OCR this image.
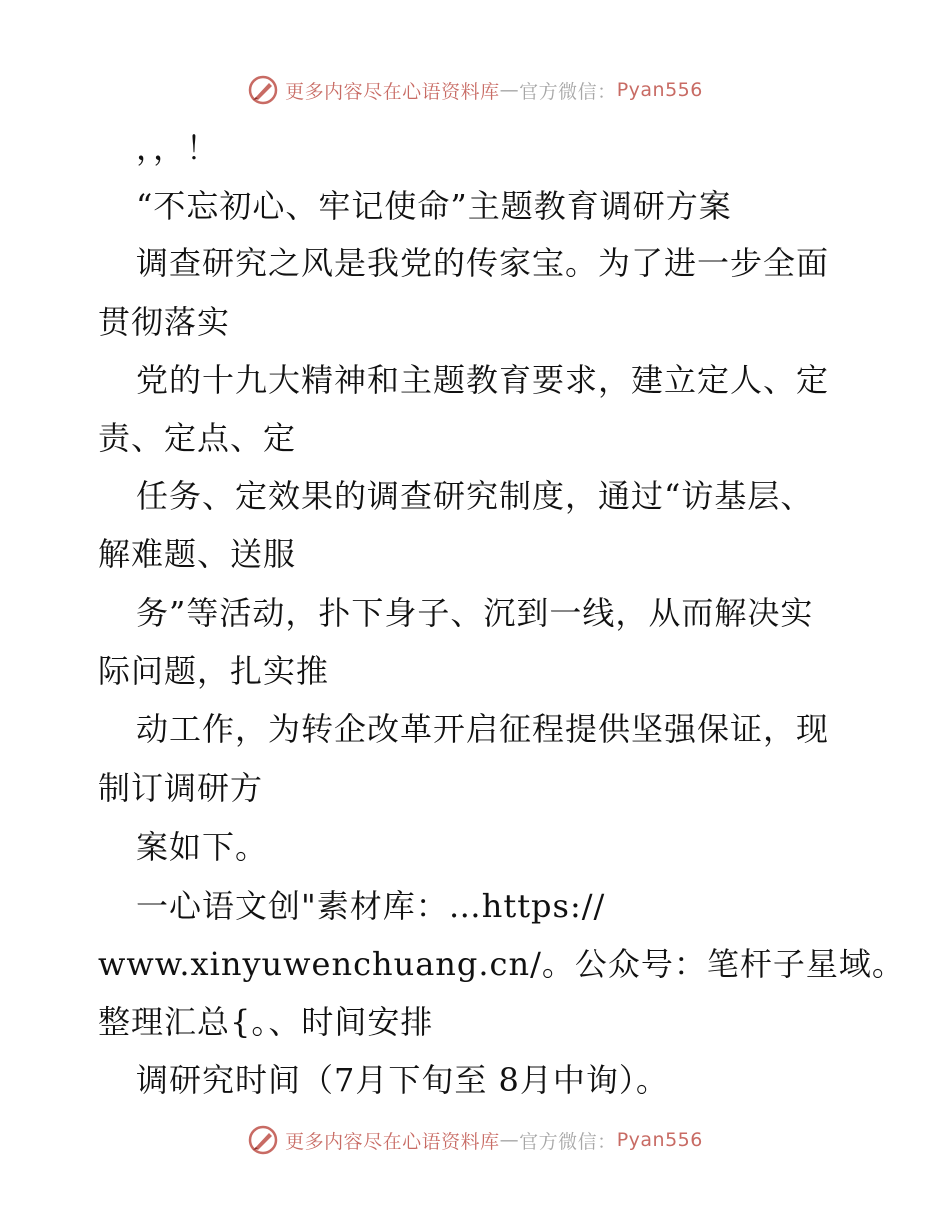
更多内容尽在心语资料库 — 官方微信： Pyan556
，，！
“不忘初心、牢记使命”主题教育调研方案
调查研究之风是我党的传家宝。为了进一步全面
贯彻落实
党的十九大精神和主题教育要求，建立定人、定
责、定点、定
任务、定效果的调查研究制度，通过“访基层、
解难题、送服
务”等活动，扑下身子、沉到一线，从而解决实
际问题，扎实推
动工作，为转企改革开启征程提供坚强保证，现
制订调研方
案如下。
一心语文创"素材库：…https://
www.xinyuwenchuang.cn/。公众号：笔杆子星域。
整理汇总{。、时间安排
调研究时间（7月下旬至 8月中询）。
更多内容尽在心语资料库 — 官方微信： Pyan556
